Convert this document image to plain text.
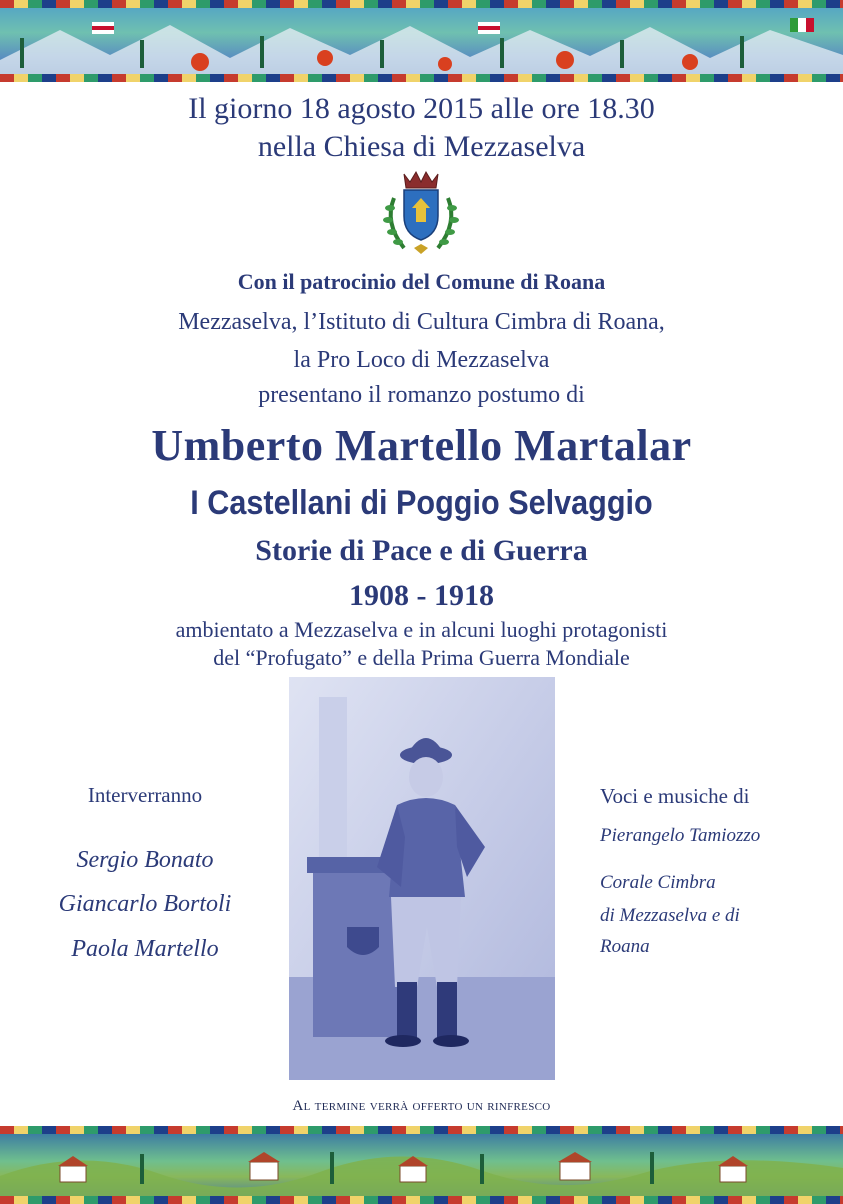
Il giorno 18 agosto 2015 alle ore 18.30
nella Chiesa di Mezzaselva
Con il patrocinio del Comune di Roana
Mezzaselva, l’Istituto di Cultura Cimbra di Roana,
la Pro Loco di Mezzaselva
presentano il romanzo postumo di
Umberto Martello Martalar
I Castellani di Poggio Selvaggio
Storie di Pace e di Guerra
1908 - 1918
ambientato a Mezzaselva e in alcuni luoghi protagonisti
del “Profugato” e della Prima Guerra Mondiale
Interverranno
Sergio Bonato
Giancarlo Bortoli
Paola Martello
Voci e musiche di
Pierangelo Tamiozzo
Corale Cimbra
di Mezzaselva e di
Roana
Al termine verrà offerto un rinfresco
